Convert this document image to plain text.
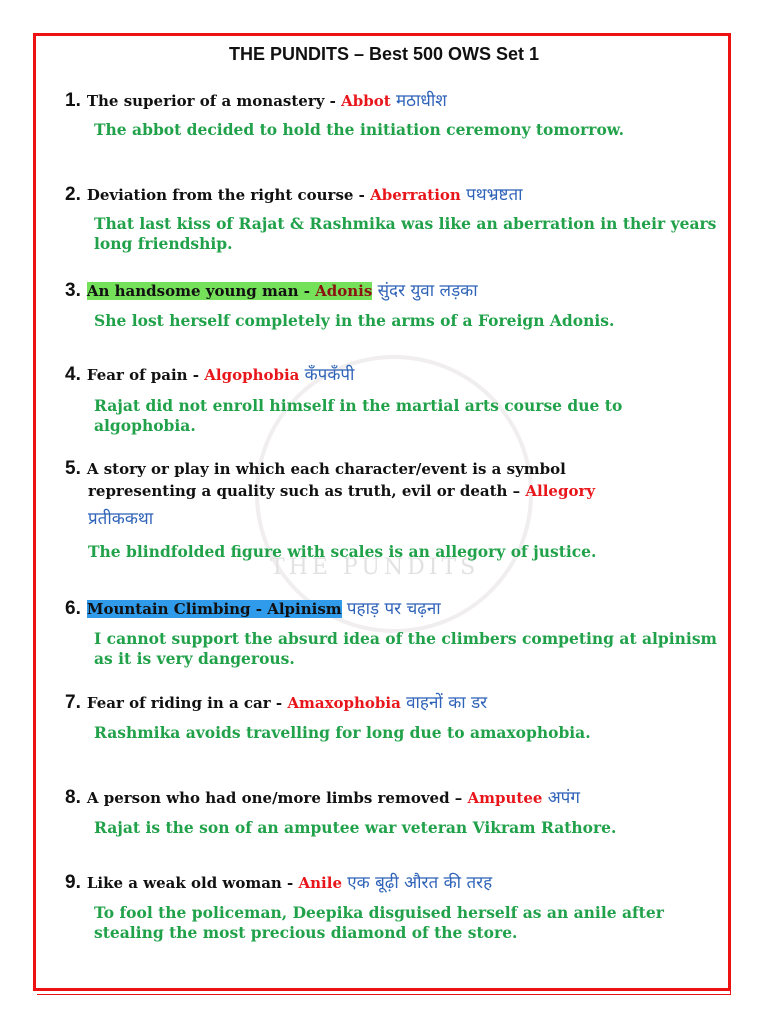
THE PUNDITS
THE PUNDITS – Best 500 OWS Set 1
1. The superior of a monastery - Abbot मठाधीश
The abbot decided to hold the initiation ceremony tomorrow.
2. Deviation from the right course - Aberration पथभ्रष्टता
That last kiss of Rajat & Rashmika was like an aberration in their years long friendship.
3. An handsome young man - Adonis सुंदर युवा लड़का
She lost herself completely in the arms of a Foreign Adonis.
4. Fear of pain - Algophobia कँपकँपी
Rajat did not enroll himself in the martial arts course due to algophobia.
5. A story or play in which each character/event is a symbol
representing a quality such as truth, evil or death – Allegory
प्रतीककथा
The blindfolded figure with scales is an allegory of justice.
6. Mountain Climbing - Alpinism पहाड़ पर चढ़ना
I cannot support the absurd idea of the climbers competing at alpinism as it is very dangerous.
7. Fear of riding in a car - Amaxophobia वाहनों का डर
Rashmika avoids travelling for long due to amaxophobia.
8. A person who had one/more limbs removed – Amputee अपंग
Rajat is the son of an amputee war veteran Vikram Rathore.
9. Like a weak old woman - Anile एक बूढ़ी औरत की तरह
To fool the policeman, Deepika disguised herself as an anile after stealing the most precious diamond of the store.
